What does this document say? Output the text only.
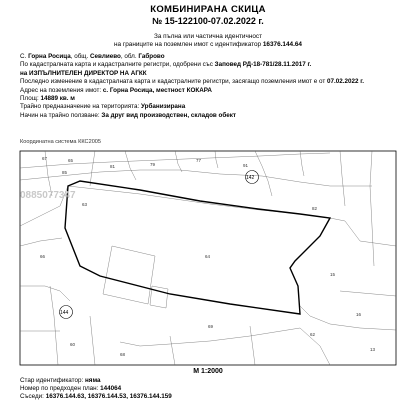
КОМБИНИРАНА СКИЦА
№ 15-122100-07.02.2022 г.
За пълна или частична идентичност
на границите на поземлен имот с идентификатор 16376.144.64
С. Горна Росица, общ. Севлиево, обл. Габрово
По кадастралната карта и кадастралните регистри, одобрени със Заповед РД-18-781/28.11.2017 г.
на ИЗПЪЛНИТЕЛЕН ДИРЕКТОР НА АГКК
Последно изменение в кадастралната карта и кадастралните регистри, засягащо поземления имот е от 07.02.2022 г.
Адрес на поземления имот: с. Горна Росица, местност КОКАРА
Площ: 14889 кв. м
Трайно предназначение на територията: Урбанизирана
Начин на трайно ползване: За друг вид производствен, складов обект
Координатна система ККС2005
67	65
81	79
77
85
91
142
63
64
66
82
144
69
60
68
62
16
13
15
0885077347
М 1:2000
Стар идентификатор: няма
Номер по предходен план: 144064
Съседи: 16376.144.63, 16376.144.53, 16376.144.159
